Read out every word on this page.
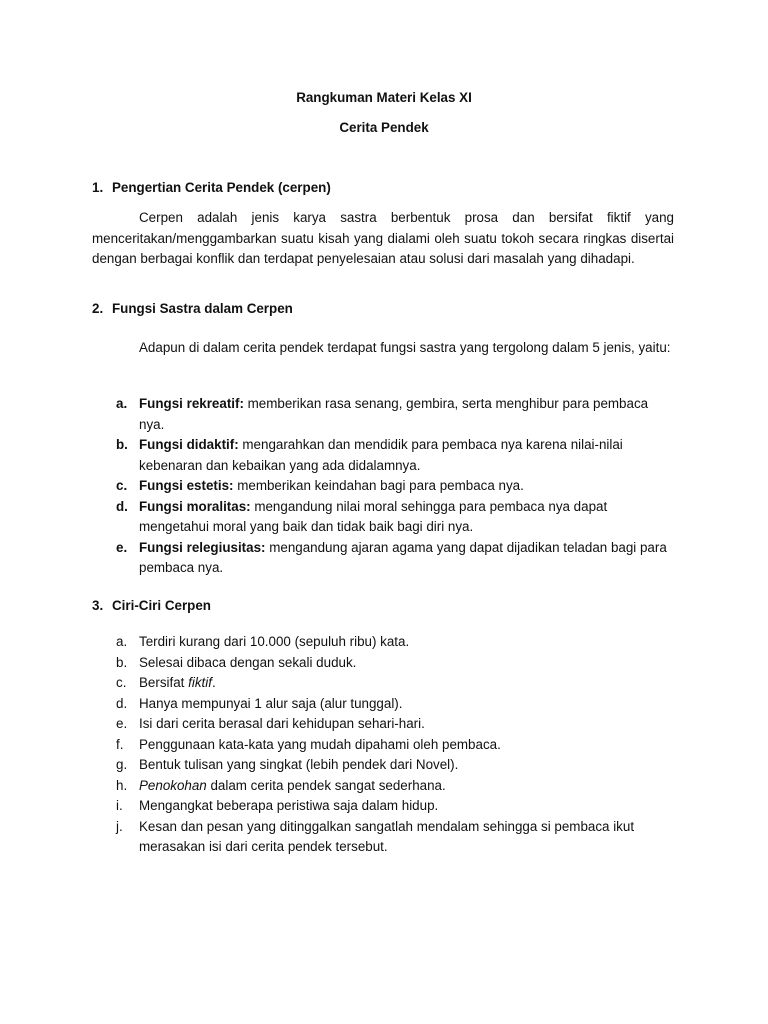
Rangkuman Materi Kelas XI
Cerita Pendek
1. Pengertian Cerita Pendek (cerpen)
Cerpen adalah jenis karya sastra berbentuk prosa dan bersifat fiktif yang menceritakan/menggambarkan suatu kisah yang dialami oleh suatu tokoh secara ringkas disertai dengan berbagai konflik dan terdapat penyelesaian atau solusi dari masalah yang dihadapi.
2. Fungsi Sastra dalam Cerpen
Adapun di dalam cerita pendek terdapat fungsi sastra yang tergolong dalam 5 jenis, yaitu:
a. Fungsi rekreatif: memberikan rasa senang, gembira, serta menghibur para pembaca nya.
b. Fungsi didaktif: mengarahkan dan mendidik para pembaca nya karena nilai-nilai kebenaran dan kebaikan yang ada didalamnya.
c. Fungsi estetis: memberikan keindahan bagi para pembaca nya.
d. Fungsi moralitas: mengandung nilai moral sehingga para pembaca nya dapat mengetahui moral yang baik dan tidak baik bagi diri nya.
e. Fungsi relegiusitas: mengandung ajaran agama yang dapat dijadikan teladan bagi para pembaca nya.
3. Ciri-Ciri Cerpen
a. Terdiri kurang dari 10.000 (sepuluh ribu) kata.
b. Selesai dibaca dengan sekali duduk.
c. Bersifat fiktif.
d. Hanya mempunyai 1 alur saja (alur tunggal).
e. Isi dari cerita berasal dari kehidupan sehari-hari.
f. Penggunaan kata-kata yang mudah dipahami oleh pembaca.
g. Bentuk tulisan yang singkat (lebih pendek dari Novel).
h. Penokohan dalam cerita pendek sangat sederhana.
i. Mengangkat beberapa peristiwa saja dalam hidup.
j. Kesan dan pesan yang ditinggalkan sangatlah mendalam sehingga si pembaca ikut merasakan isi dari cerita pendek tersebut.
